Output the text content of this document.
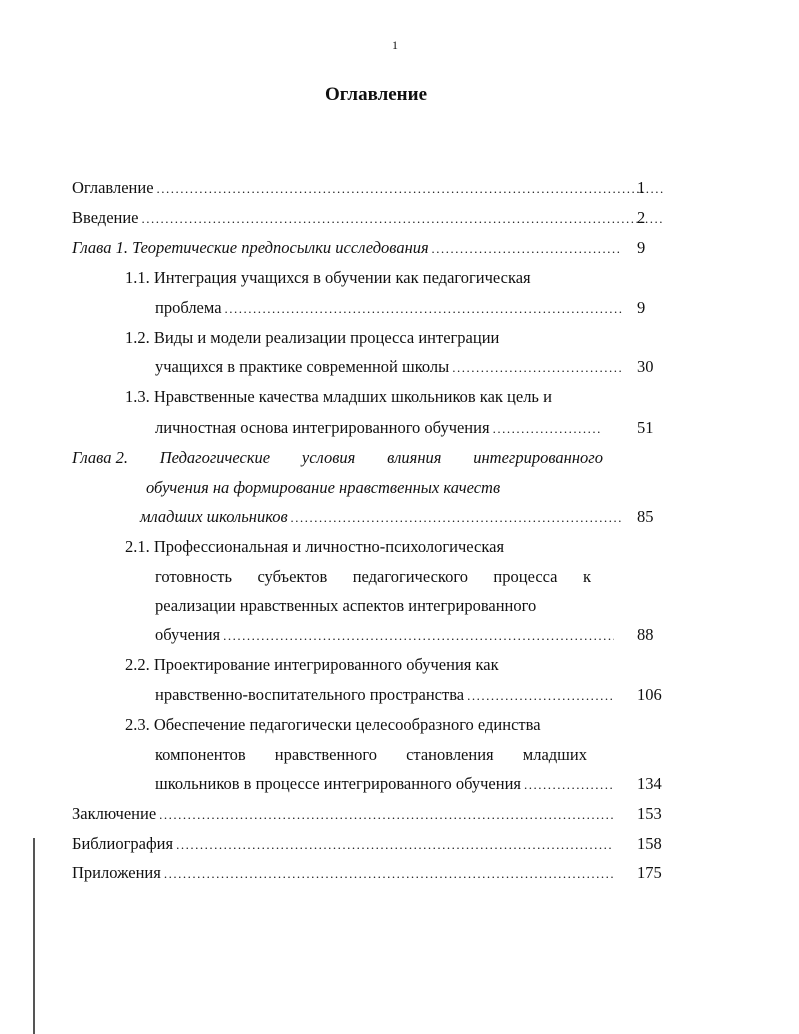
1
Оглавление
Оглавление .....	1
Введение .....	2
Глава 1. Теоретические предпосылки исследования .....	9
1.1. Интеграция учащихся в обучении как педагогическая
проблема .....	9
1.2. Виды и модели реализации процесса интеграции
учащихся в практике современной школы .....	30
1.3. Нравственные качества младших школьников как цель и
личностная основа интегрированного обучения .....	51
Глава 2. Педагогические условия влияния интегрированного
обучения на формирование нравственных качеств
младших школьников .....	85
2.1. Профессиональная и личностно-психологическая
готовность субъектов педагогического процесса к
реализации нравственных аспектов интегрированного
обучения .....	88
2.2. Проектирование интегрированного обучения как
нравственно-воспитательного пространства .....	106
2.3. Обеспечение педагогически целесообразного единства
компонентов нравственного становления младших
школьников в процессе интегрированного обучения .....	134
Заключение .....	153
Библиография .....	158
Приложения .....	175
